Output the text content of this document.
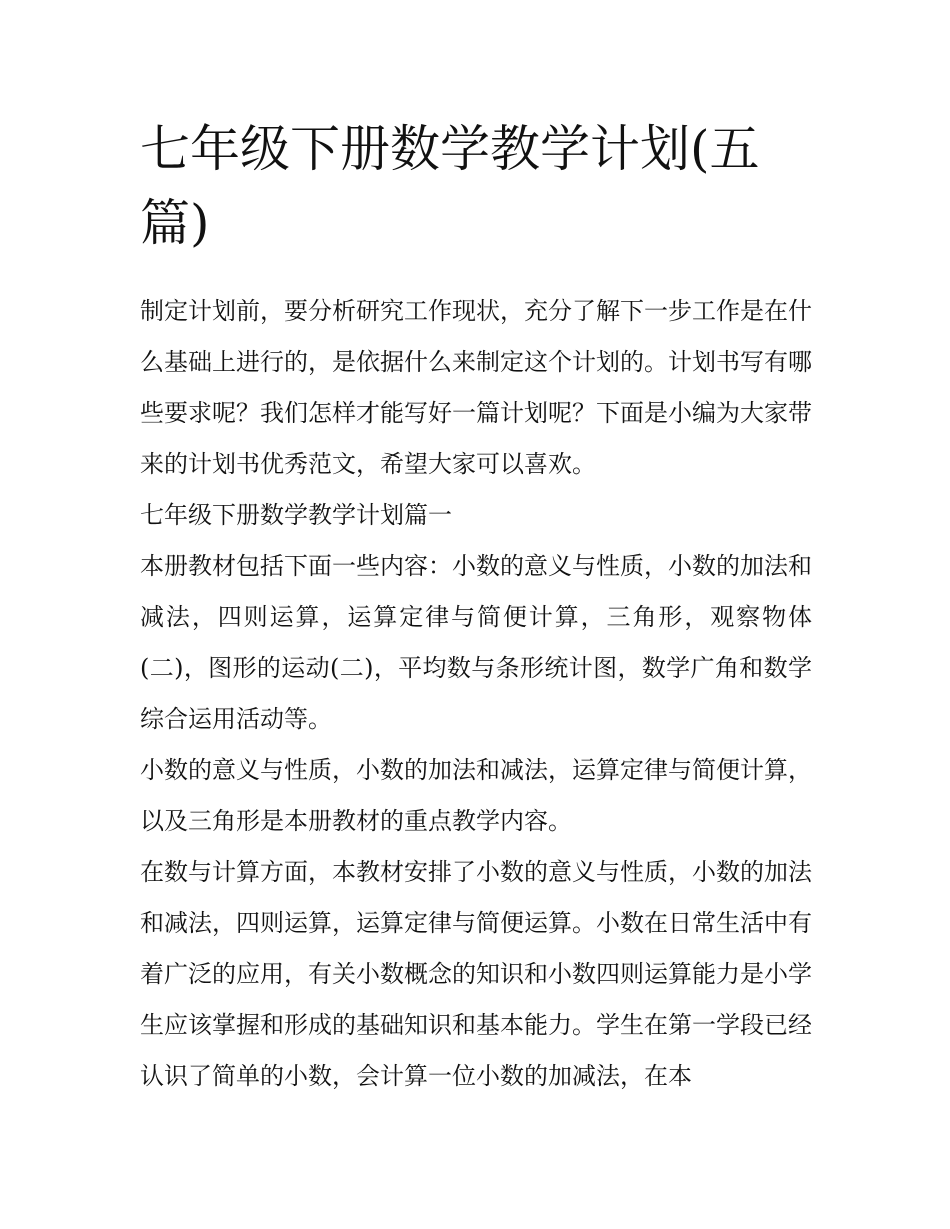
七年级下册数学教学计划(五篇)

制定计划前，要分析研究工作现状，充分了解下一步工作是在什么基础上进行的，是依据什么来制定这个计划的。计划书写有哪些要求呢？我们怎样才能写好一篇计划呢？下面是小编为大家带来的计划书优秀范文，希望大家可以喜欢。

七年级下册数学教学计划篇一

本册教材包括下面一些内容：小数的意义与性质，小数的加法和减法，四则运算，运算定律与简便计算，三角形，观察物体(二)，图形的运动(二)，平均数与条形统计图，数学广角和数学综合运用活动等。

小数的意义与性质，小数的加法和减法，运算定律与简便计算，以及三角形是本册教材的重点教学内容。

在数与计算方面，本教材安排了小数的意义与性质，小数的加法和减法，四则运算，运算定律与简便运算。小数在日常生活中有着广泛的应用，有关小数概念的知识和小数四则运算能力是小学生应该掌握和形成的基础知识和基本能力。学生在第一学段已经认识了简单的小数，会计算一位小数的加减法，在本
